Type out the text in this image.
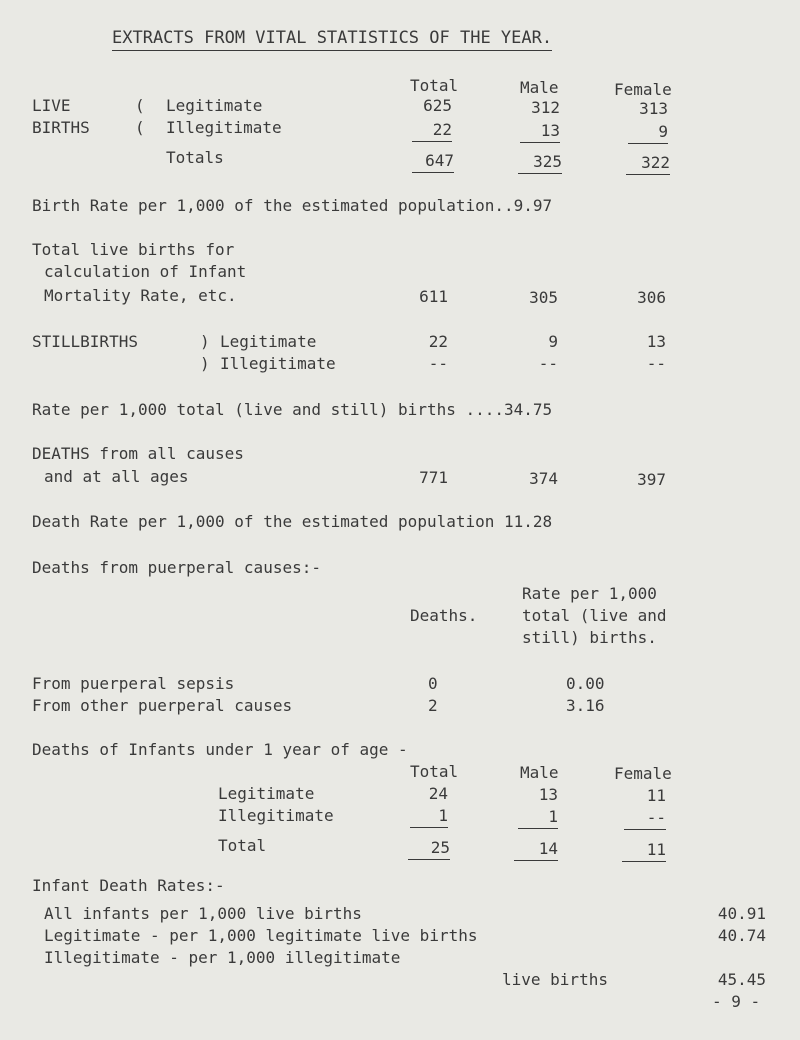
EXTRACTS FROM VITAL STATISTICS OF THE YEAR.
Total	Male	Female
LIVE
BIRTHS
(
(
Legitimate	625	312	313
Illegitimate	22	13	9
Totals	647	325	322
Birth Rate per 1,000 of the estimated population..9.97
Total live births for
calculation of Infant
Mortality Rate, etc.	611	305	306
STILLBIRTHS	)
)
Legitimate	22	9	13
Illegitimate	--	--	--
Rate per 1,000 total (live and still) births ....34.75
DEATHS from all causes
and at all ages	771	374	397
Death Rate per 1,000 of the estimated population 11.28
Deaths from puerperal causes:-
Rate per 1,000
Deaths.	total (live and
still) births.
From puerperal sepsis	0	0.00
From other puerperal causes	2	3.16
Deaths of Infants under 1 year of age -
Total	Male	Female
Legitimate	24	13	11
Illegitimate	1	1	--
Total	25	14	11
Infant Death Rates:-
All infants per 1,000 live births	40.91
Legitimate - per 1,000 legitimate live births	40.74
Illegitimate - per 1,000 illegitimate
live births	45.45
- 9 -
